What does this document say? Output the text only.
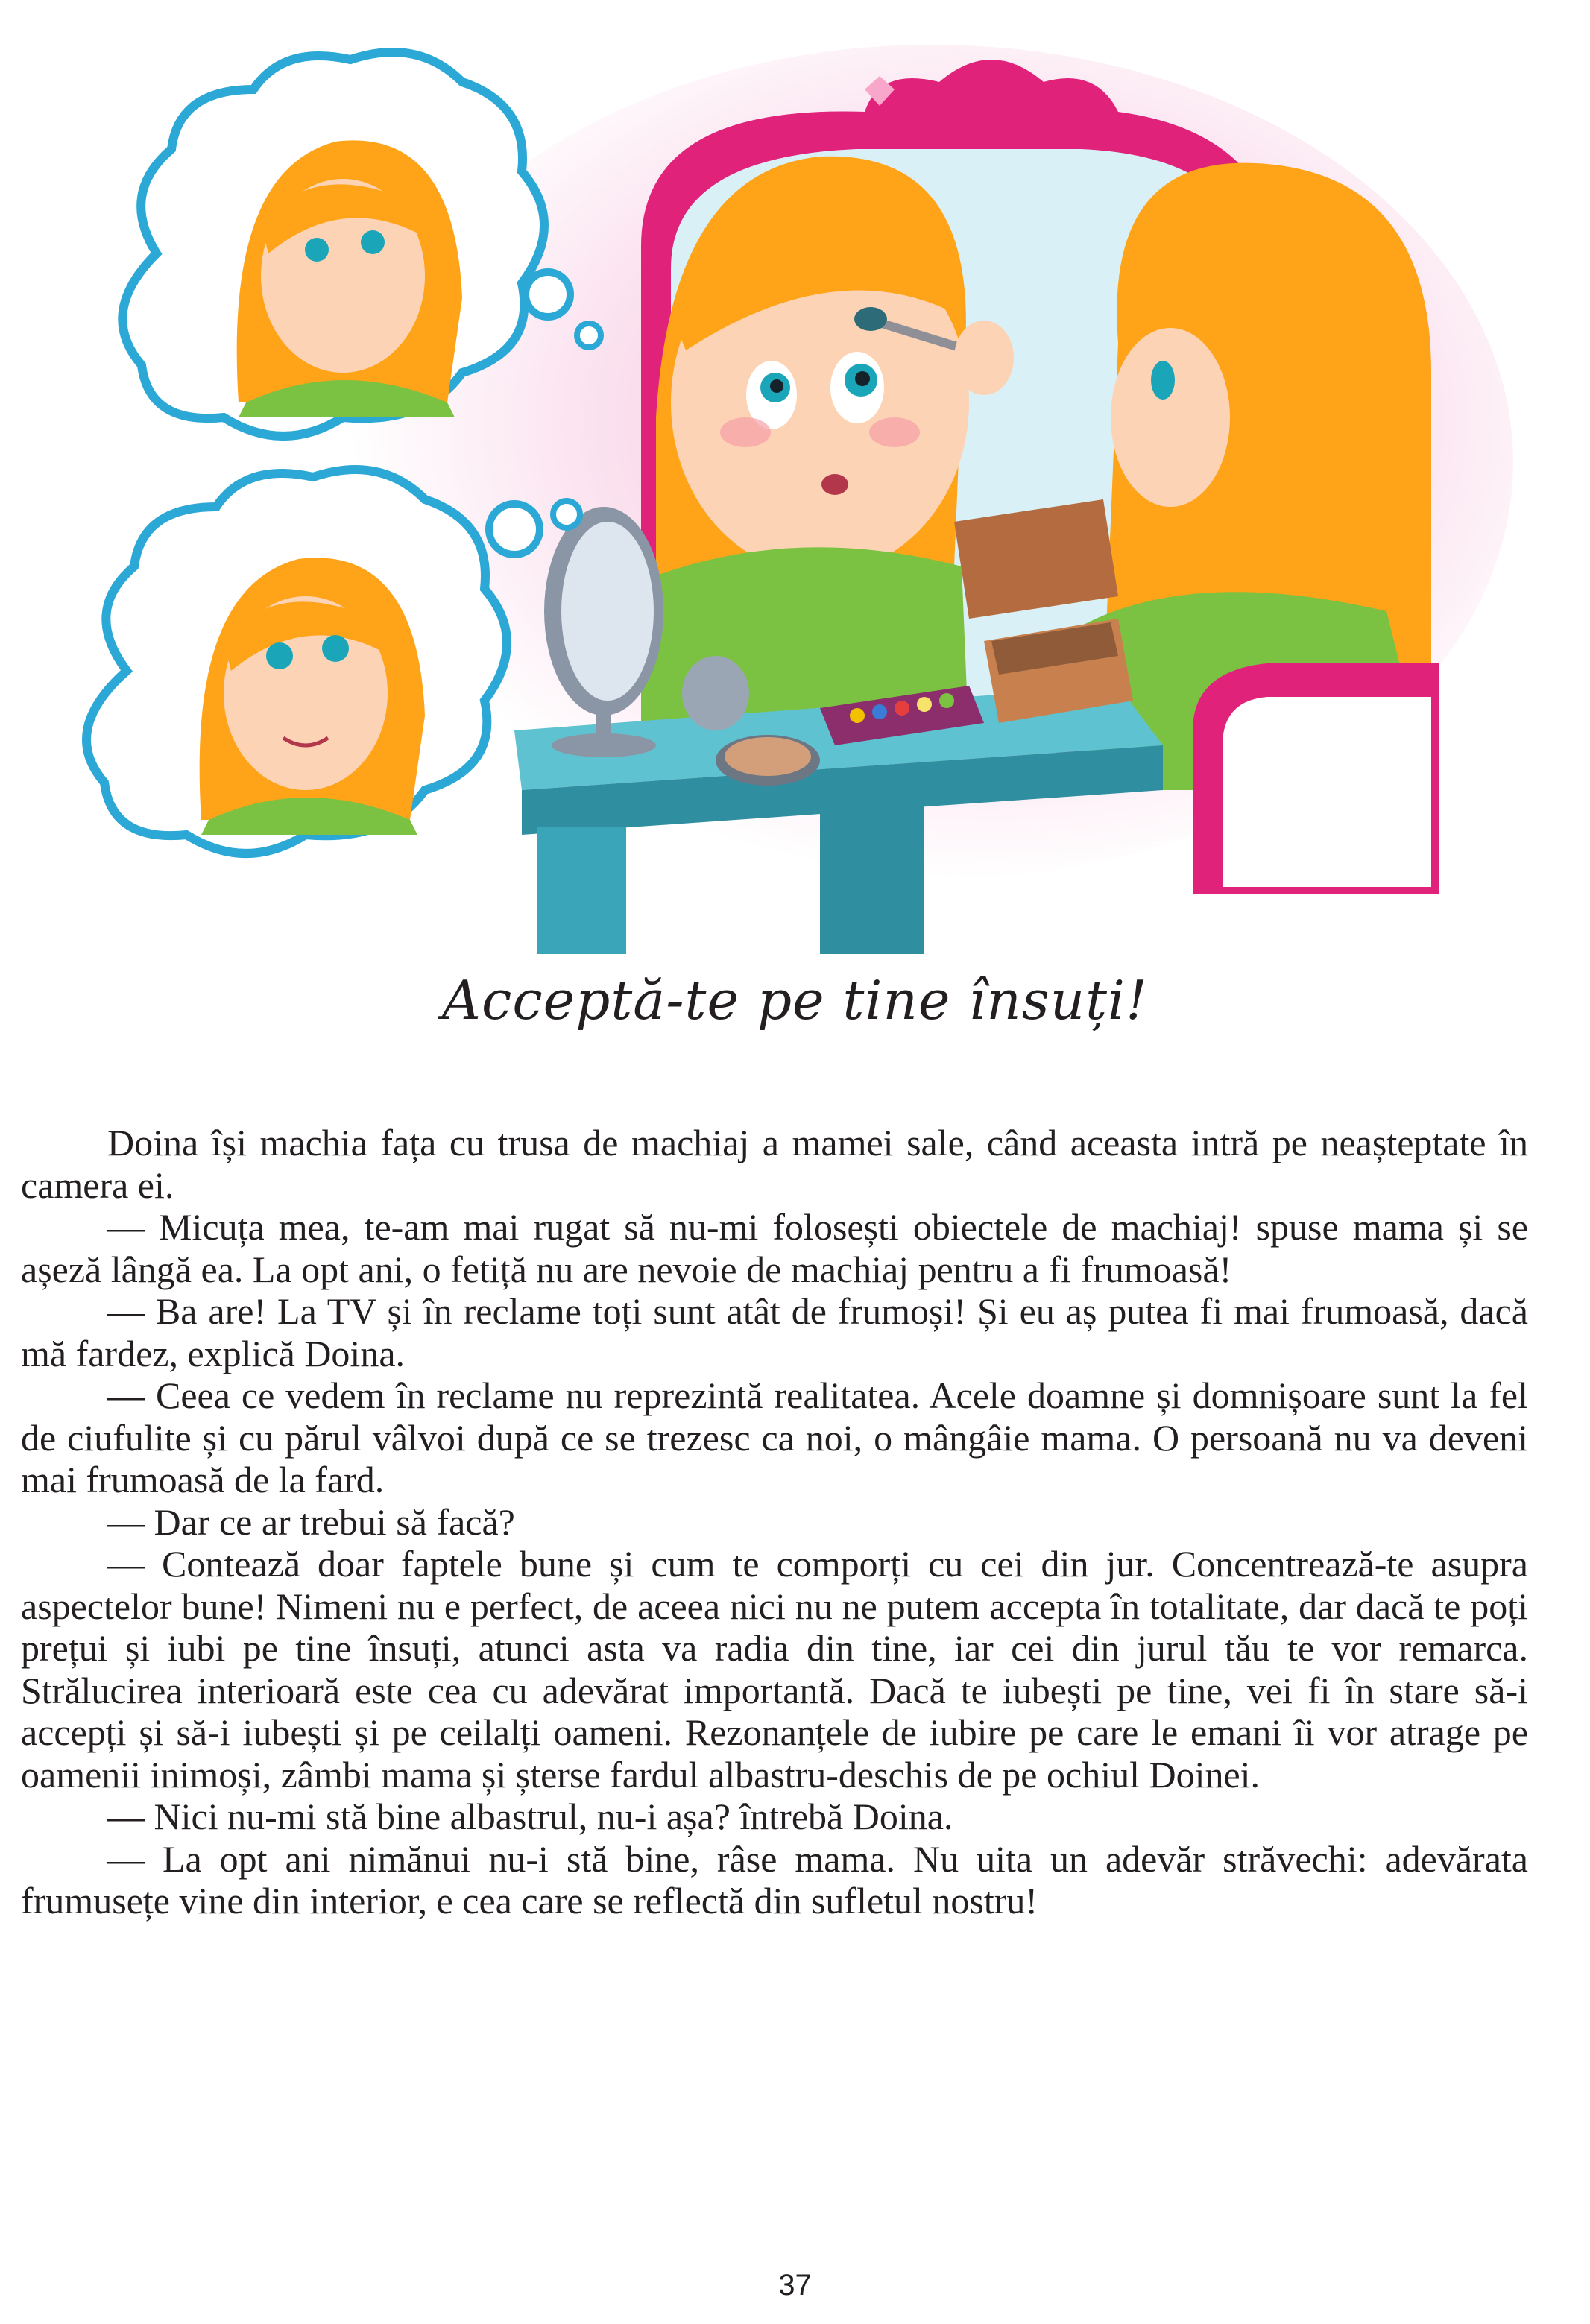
Acceptă-te pe tine însuți!

Doina își machia fața cu trusa de machiaj a mamei sale, când aceasta intră pe neașteptate în camera ei.

— Micuța mea, te-am mai rugat să nu-mi folosești obiectele de machiaj! spuse mama și se așeză lângă ea. La opt ani, o fetiță nu are nevoie de machiaj pentru a fi frumoasă!

— Ba are! La TV și în reclame toți sunt atât de frumoși! Și eu aș putea fi mai frumoasă, dacă mă fardez, explică Doina.

— Ceea ce vedem în reclame nu reprezintă realitatea. Acele doamne și domnișoare sunt la fel de ciufulite și cu părul vâlvoi după ce se trezesc ca noi, o mângâie mama. O persoană nu va deveni mai frumoasă de la fard.

— Dar ce ar trebui să facă?

— Contează doar faptele bune și cum te comporți cu cei din jur. Concentrează-te asupra aspectelor bune! Nimeni nu e perfect, de aceea nici nu ne putem accepta în totalitate, dar dacă te poți prețui și iubi pe tine însuți, atunci asta va radia din tine, iar cei din jurul tău te vor remarca. Strălucirea interioară este cea cu adevărat importantă. Dacă te iubești pe tine, vei fi în stare să-i accepți și să-i iubești și pe ceilalți oameni. Rezonanțele de iubire pe care le emani îi vor atrage pe oamenii inimoși, zâmbi mama și șterse fardul albastru-deschis de pe ochiul Doinei.

— Nici nu-mi stă bine albastrul, nu-i așa? întrebă Doina.

— La opt ani nimănui nu-i stă bine, râse mama. Nu uita un adevăr străvechi: adevărata frumusețe vine din interior, e cea care se reflectă din sufletul nostru!

37
